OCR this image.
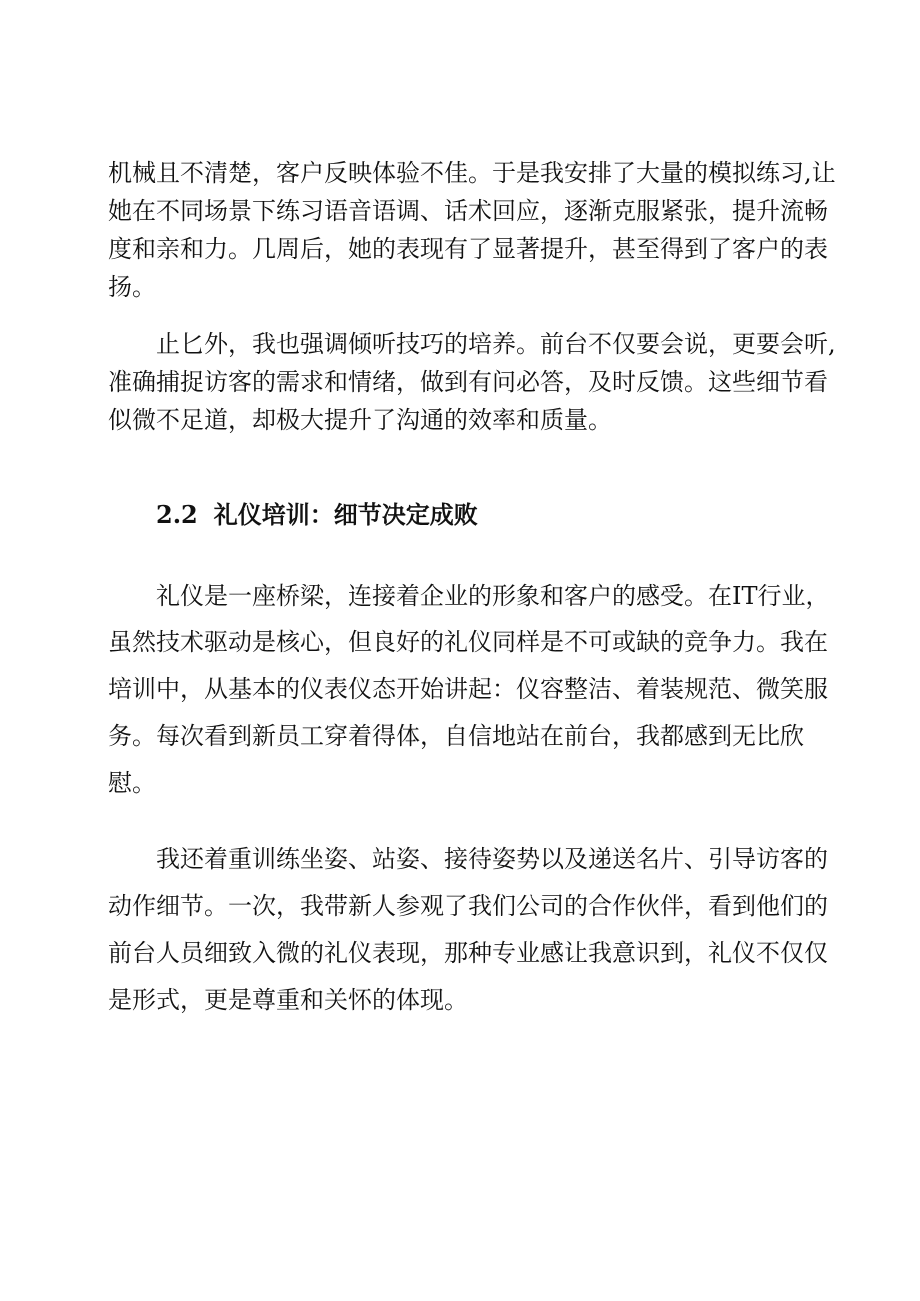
机械且不清楚，客户反映体验不佳。于是我安排了大量的模拟练习,让
她在不同场景下练习语音语调、话术回应，逐渐克服紧张，提升流畅
度和亲和力。几周后，她的表现有了显著提升，甚至得到了客户的表
扬。
止匕外，我也强调倾听技巧的培养。前台不仅要会说，更要会听,
准确捕捉访客的需求和情绪，做到有问必答，及时反馈。这些细节看
似微不足道，却极大提升了沟通的效率和质量。
2.2 礼仪培训：细节决定成败
礼仪是一座桥梁，连接着企业的形象和客户的感受。在IT行业，
虽然技术驱动是核心，但良好的礼仪同样是不可或缺的竞争力。我在
培训中，从基本的仪表仪态开始讲起：仪容整洁、着装规范、微笑服
务。每次看到新员工穿着得体，自信地站在前台，我都感到无比欣
慰。
我还着重训练坐姿、站姿、接待姿势以及递送名片、引导访客的
动作细节。一次，我带新人参观了我们公司的合作伙伴，看到他们的
前台人员细致入微的礼仪表现，那种专业感让我意识到，礼仪不仅仅
是形式，更是尊重和关怀的体现。
